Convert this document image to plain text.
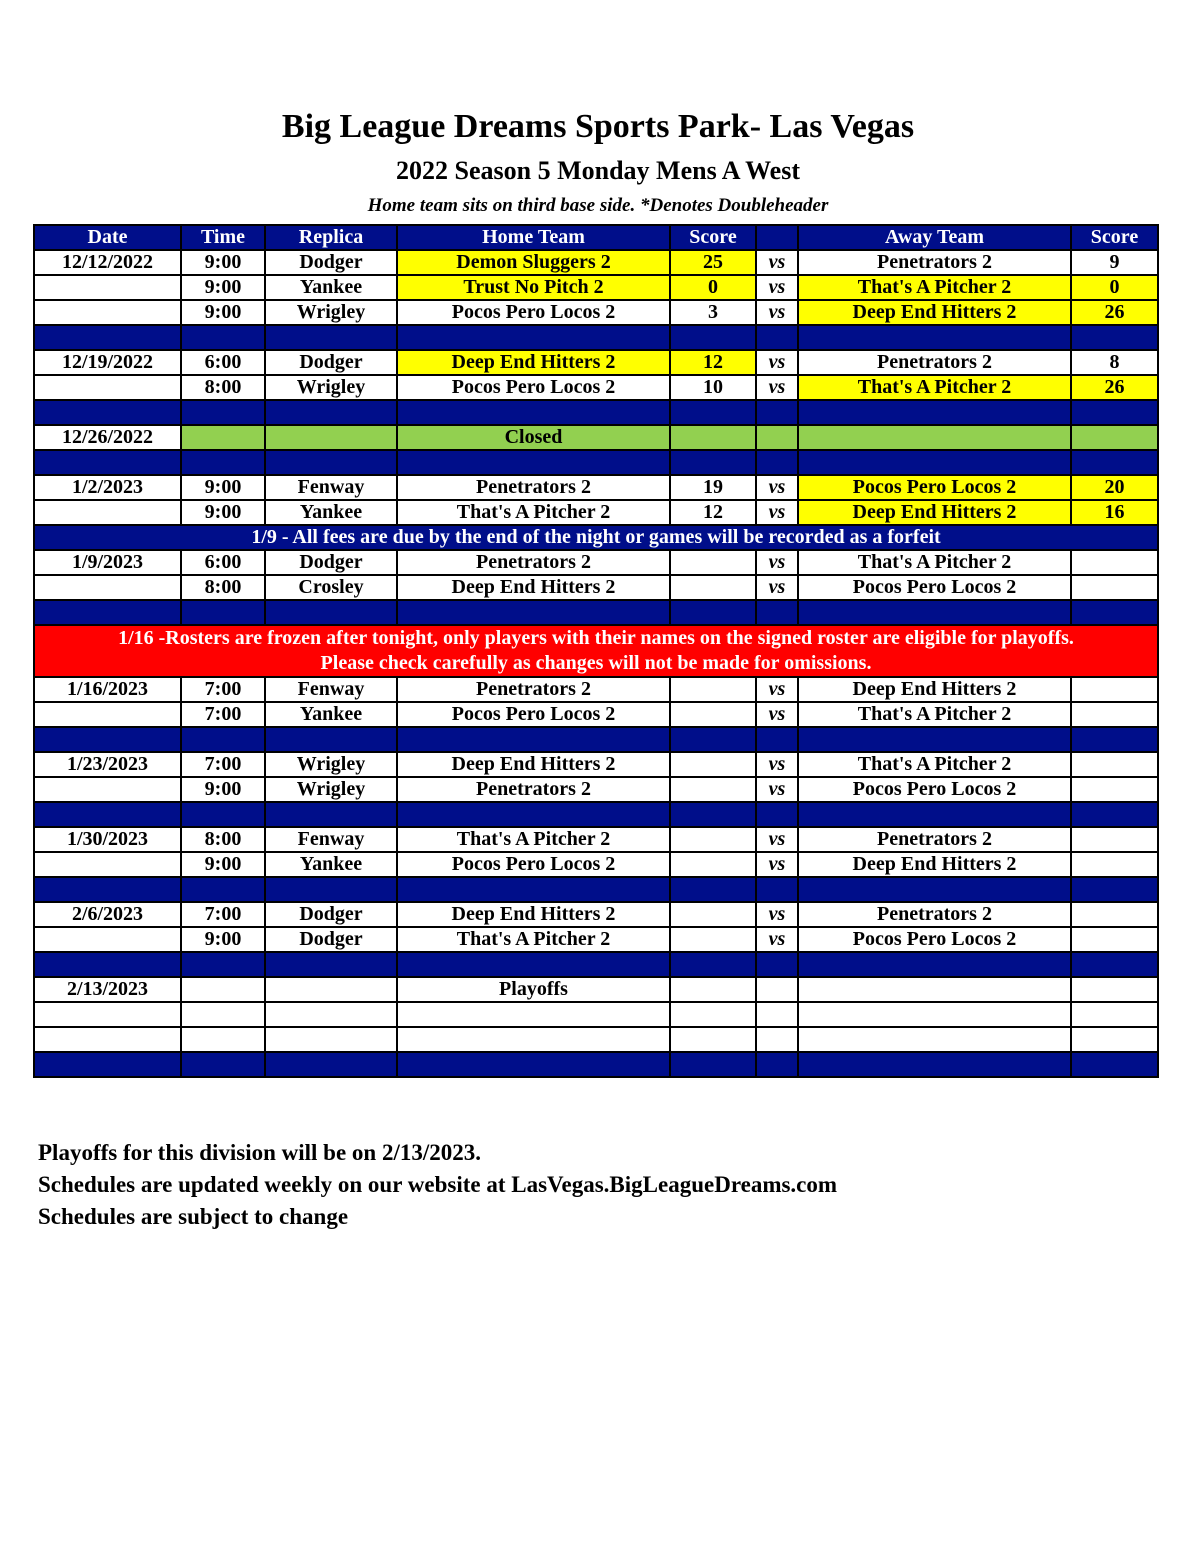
Big League Dreams Sports Park- Las Vegas
2022 Season 5 Monday Mens A West
Home team sits on third base side. *Denotes Doubleheader
Date	Time	Replica	Home Team	Score		Away Team	Score
12/12/2022	9:00	Dodger	Demon Sluggers 2	25	vs	Penetrators 2	9
	9:00	Yankee	Trust No Pitch 2	0	vs	That's A Pitcher 2	0
	9:00	Wrigley	Pocos Pero Locos 2	3	vs	Deep End Hitters 2	26

12/19/2022	6:00	Dodger	Deep End Hitters 2	12	vs	Penetrators 2	8
	8:00	Wrigley	Pocos Pero Locos 2	10	vs	That's A Pitcher 2	26

12/26/2022			Closed				

1/2/2023	9:00	Fenway	Penetrators 2	19	vs	Pocos Pero Locos 2	20
	9:00	Yankee	That's A Pitcher 2	12	vs	Deep End Hitters 2	16
1/9 - All fees are due by the end of the night or games will be recorded as a forfeit							
1/9/2023	6:00	Dodger	Penetrators 2		vs	That's A Pitcher 2	
	8:00	Crosley	Deep End Hitters 2		vs	Pocos Pero Locos 2	

1/16 -Rosters are frozen after tonight, only players with their names on the signed roster are eligible for playoffs.
Please check carefully as changes will not be made for omissions.							
1/16/2023	7:00	Fenway	Penetrators 2		vs	Deep End Hitters 2	
	7:00	Yankee	Pocos Pero Locos 2		vs	That's A Pitcher 2	

1/23/2023	7:00	Wrigley	Deep End Hitters 2		vs	That's A Pitcher 2	
	9:00	Wrigley	Penetrators 2		vs	Pocos Pero Locos 2	

1/30/2023	8:00	Fenway	That's A Pitcher 2		vs	Penetrators 2	
	9:00	Yankee	Pocos Pero Locos 2		vs	Deep End Hitters 2	

2/6/2023	7:00	Dodger	Deep End Hitters 2		vs	Penetrators 2	
	9:00	Dodger	That's A Pitcher 2		vs	Pocos Pero Locos 2	

2/13/2023			Playoffs				

Playoffs for this division will be on 2/13/2023.
Schedules are updated weekly on our website at LasVegas.BigLeagueDreams.com
Schedules are subject to change
